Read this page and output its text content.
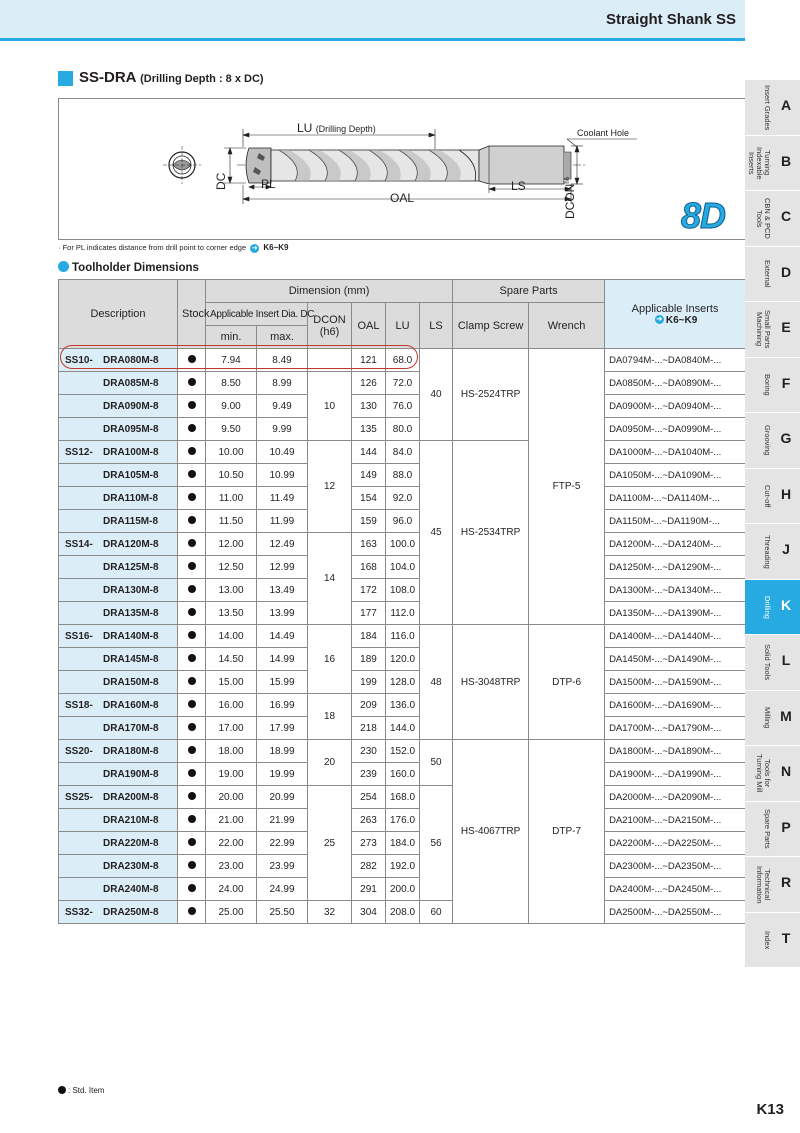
Straight Shank SS
SS-DRA (Drilling Depth : 8 x DC)
LU (Drilling Depth)	Coolant Hole
PL
DC
OAL
LS	$DCON^{h6}$
8D
· For PL indicates distance from drill point to corner edge ➜ K6~K9
Toolholder Dimensions
Description	Stock	Dimension (mm)						Spare Parts		Applicable Inserts
➜ K6~K9

		Applicable Insert Dia. DC		DCON
(h6)	OAL	LU	LS	Clamp Screw	Wrench	
		min.	max.							
SS10- DRA080M-8		7.94	8.49		121	68.0	40	HS-2524TRP	FTP-5	DA0794M-...~DA0840M-...
DRA085M-8		8.50	8.99	10	126	72.0				DA0850M-...~DA0890M-...
DRA090M-8		9.00	9.49		130	76.0				DA0900M-...~DA0940M-...
DRA095M-8		9.50	9.99		135	80.0				DA0950M-...~DA0990M-...
SS12- DRA100M-8		10.00	10.49	12	144	84.0	45	HS-2534TRP		DA1000M-...~DA1040M-...
DRA105M-8		10.50	10.99		149	88.0				DA1050M-...~DA1090M-...
DRA110M-8		11.00	11.49		154	92.0				DA1100M-...~DA1140M-...
DRA115M-8		11.50	11.99		159	96.0				DA1150M-...~DA1190M-...
SS14- DRA120M-8		12.00	12.49	14	163	100.0				DA1200M-...~DA1240M-...
DRA125M-8		12.50	12.99		168	104.0				DA1250M-...~DA1290M-...
DRA130M-8		13.00	13.49		172	108.0				DA1300M-...~DA1340M-...
DRA135M-8		13.50	13.99		177	112.0				DA1350M-...~DA1390M-...
SS16- DRA140M-8		14.00	14.49	16	184	116.0	48	HS-3048TRP	DTP-6	DA1400M-...~DA1440M-...
DRA145M-8		14.50	14.99		189	120.0				DA1450M-...~DA1490M-...
DRA150M-8		15.00	15.99		199	128.0				DA1500M-...~DA1590M-...
SS18- DRA160M-8		16.00	16.99	18	209	136.0				DA1600M-...~DA1690M-...
DRA170M-8		17.00	17.99		218	144.0				DA1700M-...~DA1790M-...
SS20- DRA180M-8		18.00	18.99	20	230	152.0	50	HS-4067TRP	DTP-7	DA1800M-...~DA1890M-...
DRA190M-8		19.00	19.99		239	160.0				DA1900M-...~DA1990M-...
SS25- DRA200M-8		20.00	20.99	25	254	168.0	56			DA2000M-...~DA2090M-...
DRA210M-8		21.00	21.99		263	176.0				DA2100M-...~DA2150M-...
DRA220M-8		22.00	22.99		273	184.0				DA2200M-...~DA2250M-...
DRA230M-8		23.00	23.99		282	192.0				DA2300M-...~DA2350M-...
DRA240M-8		24.00	24.99		291	200.0				DA2400M-...~DA2450M-...
SS32- DRA250M-8		25.00	25.50	32	304	208.0	60			DA2500M-...~DA2550M-...
Insert Grades A
Turning Indexable Inserts	B
CBN & PCD Tools	C
External D
Small Parts Machining	E
Boring F
Grooving G
Cut-off H
Threading J
Drilling K
Solid Tools L
Milling M
Tools for Turning Mill	N
Spare Parts P
Technical Information	R
Index T
: Std. Item
K13
